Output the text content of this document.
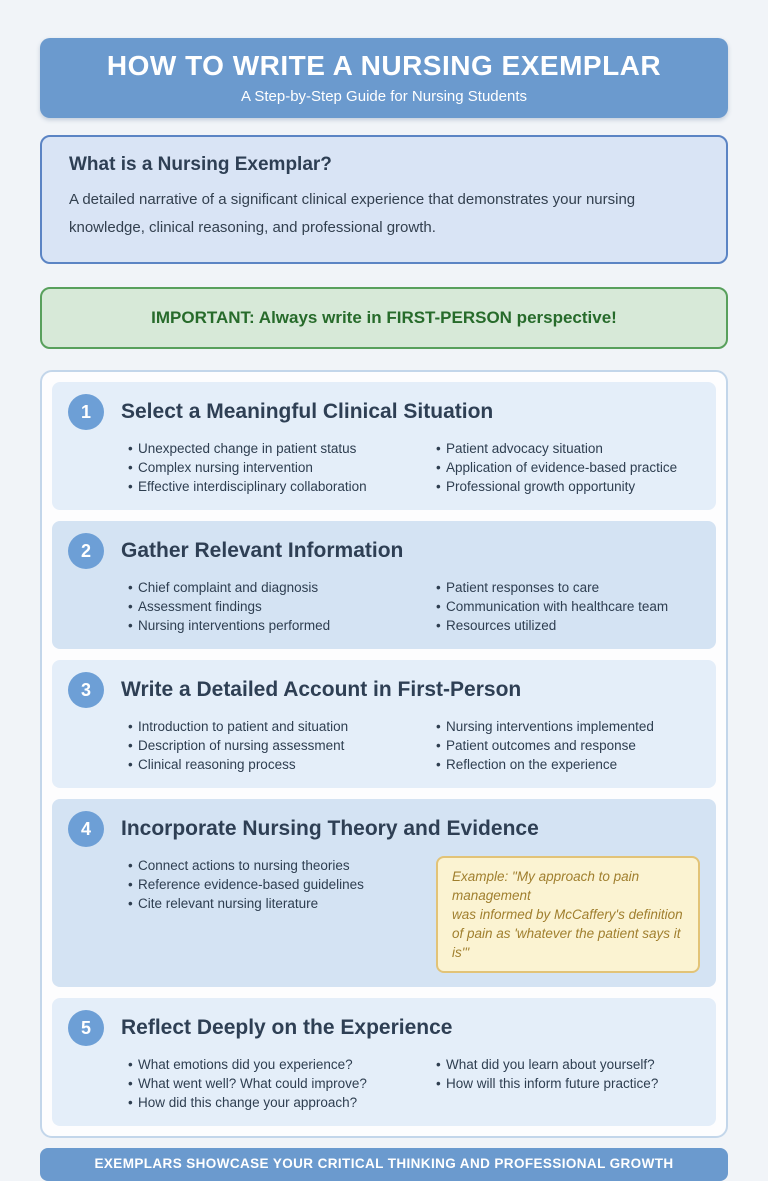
HOW TO WRITE A NURSING EXEMPLAR
A Step-by-Step Guide for Nursing Students
What is a Nursing Exemplar?

A detailed narrative of a significant clinical experience that demonstrates your nursing knowledge, clinical reasoning, and professional growth.

IMPORTANT: Always write in FIRST-PERSON perspective!
1	Select a Meaningful Clinical Situation
• Unexpected change in patient status
• Complex nursing intervention
• Effective interdisciplinary collaboration
• Patient advocacy situation
• Application of evidence-based practice
• Professional growth opportunity
2	Gather Relevant Information
• Chief complaint and diagnosis
• Assessment findings
• Nursing interventions performed
• Patient responses to care
• Communication with healthcare team
• Resources utilized
3	Write a Detailed Account in First-Person
• Introduction to patient and situation
• Description of nursing assessment
• Clinical reasoning process
• Nursing interventions implemented
• Patient outcomes and response
• Reflection on the experience
4	Incorporate Nursing Theory and Evidence
• Connect actions to nursing theories
• Reference evidence-based guidelines
• Cite relevant nursing literature
Example: "My approach to pain management
was informed by McCaffery's definition
of pain as 'whatever the patient says it is'"
5	Reflect Deeply on the Experience
• What emotions did you experience?
• What went well? What could improve?
• How did this change your approach?
• What did you learn about yourself?
• How will this inform future practice?
EXEMPLARS SHOWCASE YOUR CRITICAL THINKING AND PROFESSIONAL GROWTH
